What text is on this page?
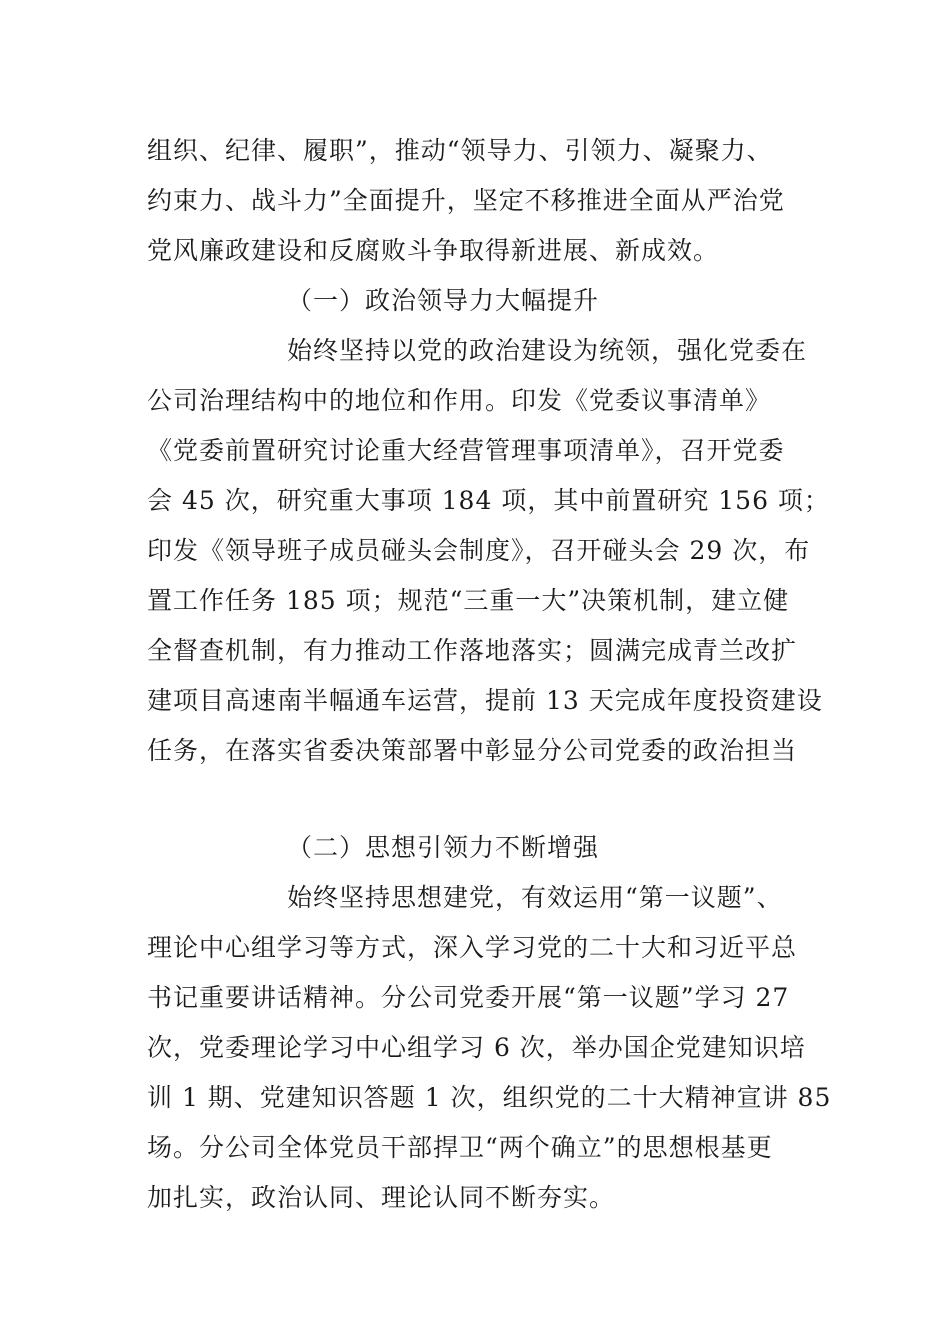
组织、纪律、履职”，推动“领导力、引领力、凝聚力、
约束力、战斗力”全面提升，坚定不移推进全面从严治党
党风廉政建设和反腐败斗争取得新进展、新成效。
（一）政治领导力大幅提升
始终坚持以党的政治建设为统领，强化党委在
公司治理结构中的地位和作用。印发《党委议事清单》
《党委前置研究讨论重大经营管理事项清单》，召开党委
会 45 次，研究重大事项 184 项，其中前置研究 156 项；
印发《领导班子成员碰头会制度》，召开碰头会 29 次，布
置工作任务 185 项；规范“三重一大”决策机制，建立健
全督查机制，有力推动工作落地落实；圆满完成青兰改扩
建项目高速南半幅通车运营，提前 13 天完成年度投资建设
任务，在落实省委决策部署中彰显分公司党委的政治担当
（二）思想引领力不断增强
始终坚持思想建党，有效运用“第一议题”、
理论中心组学习等方式，深入学习党的二十大和习近平总
书记重要讲话精神。分公司党委开展“第一议题”学习 27
次，党委理论学习中心组学习 6 次，举办国企党建知识培
训 1 期、党建知识答题 1 次，组织党的二十大精神宣讲 85
场。分公司全体党员干部捍卫“两个确立”的思想根基更
加扎实，政治认同、理论认同不断夯实。
